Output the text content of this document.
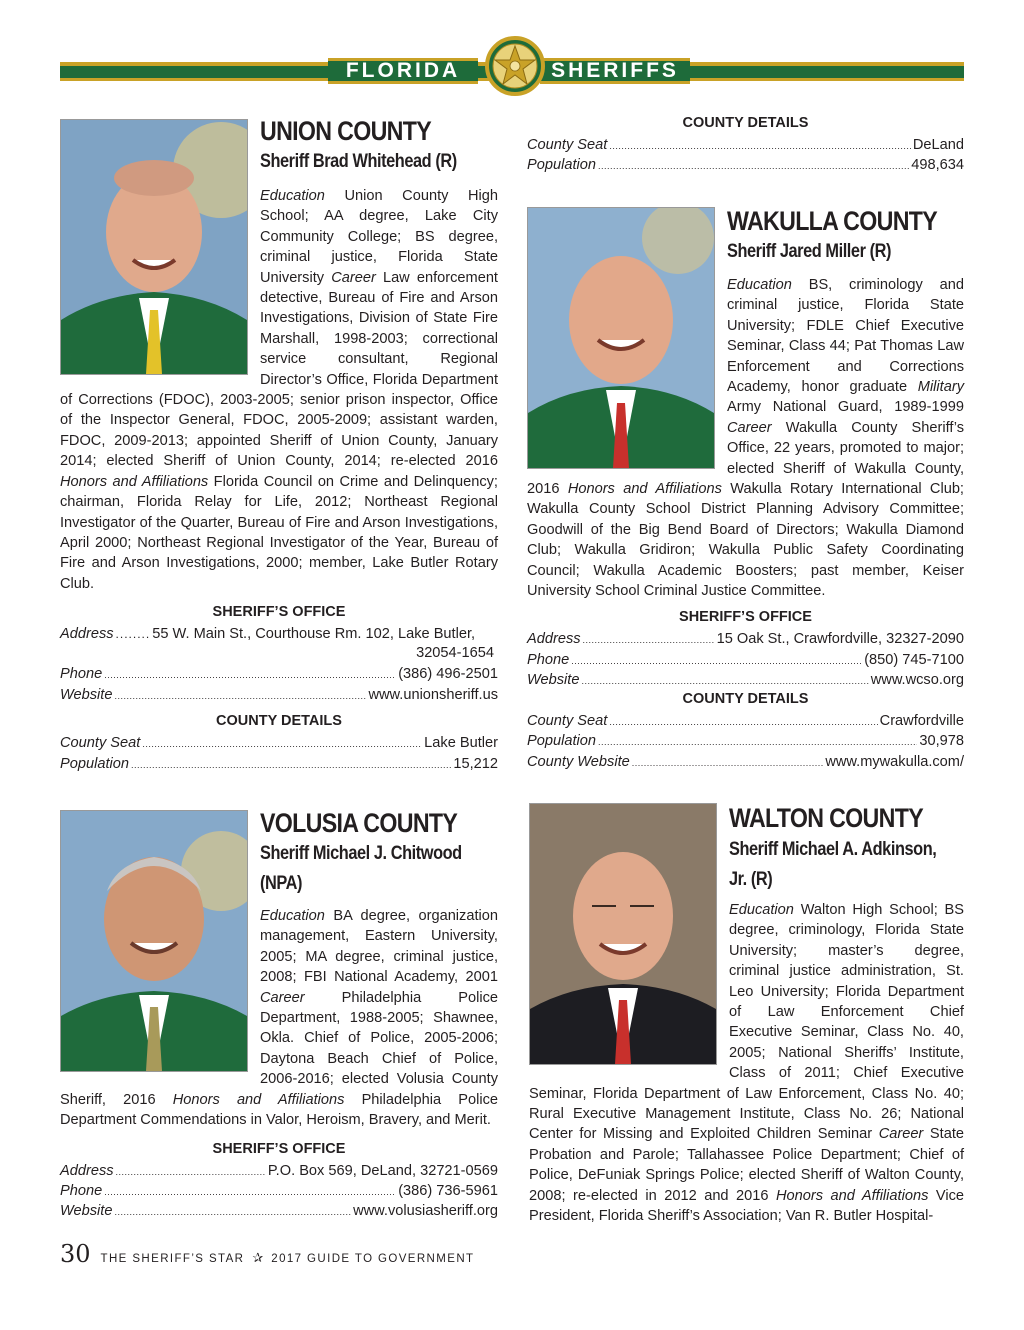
FLORIDA	SHERIFFS
UNION COUNTY
Sheriff Brad Whitehead (R)
Education Union County High School; AA degree, Lake City Community College; BS degree, criminal justice, Florida State University Career Law enforcement detective, Bureau of Fire and Arson Investigations, Division of State Fire Marshall, 1998-2003; correctional service consultant, Regional Director’s Office, Florida Department of Corrections (FDOC), 2003-2005; senior prison inspector, Office of the Inspector General, FDOC, 2005-2009; assistant warden, FDOC, 2009-2013; appointed Sheriff of Union County, January 2014; elected Sheriff of Union County, 2014; re-elected 2016 Honors and Affiliations Florida Council on Crime and Delinquency; chairman, Florida Relay for Life, 2012; Northeast Regional Investigator of the Quarter, Bureau of Fire and Arson Investigations, April 2000; Northeast Regional Investigator of the Year, Bureau of Fire and Arson Investigations, 2000; member, Lake Butler Rotary Club.
SHERIFF’S OFFICE
Address ........ 55 W. Main St., Courthouse Rm. 102, Lake Butler,
32054-1654
Phone .....	(386) 496-2501
Website .....	www.unionsheriff.us
COUNTY DETAILS
County Seat .....	Lake Butler
Population .....	15,212
COUNTY DETAILS
County Seat .....	DeLand
Population .....	498,634
WAKULLA COUNTY
Sheriff Jared Miller (R)
Education BS, criminology and criminal justice, Florida State University; FDLE Chief Executive Seminar, Class 44; Pat Thomas Law Enforcement and Corrections Academy, honor graduate Military Army National Guard, 1989-1999 Career Wakulla County Sheriff’s Office, 22 years, promoted to major; elected Sheriff of Wakulla County, 2016 Honors and Affiliations Wakulla Rotary International Club; Wakulla County School District Planning Advisory Committee; Goodwill of the Big Bend Board of Directors; Wakulla Diamond Club; Wakulla Gridiron; Wakulla Public Safety Coordinating Council; Wakulla Academic Boosters; past member, Keiser University School Criminal Justice Committee.
SHERIFF’S OFFICE
Address .....	15 Oak St., Crawfordville, 32327-2090
Phone .....	(850) 745-7100
Website .....	www.wcso.org
COUNTY DETAILS
County Seat .....	Crawfordville
Population .....	30,978
County Website .....	www.mywakulla.com/
VOLUSIA COUNTY
Sheriff Michael J. Chitwood
(NPA)
Education BA degree, organization management, Eastern University, 2005; MA degree, criminal justice, 2008; FBI National Academy, 2001 Career	Philadelphia Police Department, 1988-2005; Shawnee, Okla. Chief of Police, 2005-2006; Daytona Beach Chief of Police, 2006-2016; elected Volusia County Sheriff, 2016 Honors and Affiliations Philadelphia Police Department Commendations in Valor, Heroism, Bravery, and Merit.
SHERIFF’S OFFICE
Address .....	P.O. Box 569, DeLand, 32721-0569
Phone .....	(386) 736-5961
Website .....	www.volusiasheriff.org
WALTON COUNTY
Sheriff Michael A. Adkinson,
Jr. (R)
Education Walton High School; BS degree, criminology, Florida State University; master’s degree, criminal justice administration, St. Leo University; Florida Department of Law Enforcement Chief Executive Seminar, Class No. 40, 2005; National Sheriffs’ Institute, Class of 2011; Chief Executive Seminar, Florida Department of Law Enforcement, Class No. 40; Rural Executive Management Institute, Class No. 26; National Center for Missing and Exploited Children Seminar Career State Probation and Parole; Tallahassee Police Department; Chief of Police, DeFuniak Springs Police; elected Sheriff of Walton County, 2008; re-elected in 2012 and 2016 Honors and Affiliations Vice President, Florida Sheriff’s Association; Van R. Butler Hospital-
30 THE SHERIFF’S STAR ✰ 2017 GUIDE TO GOVERNMENT
